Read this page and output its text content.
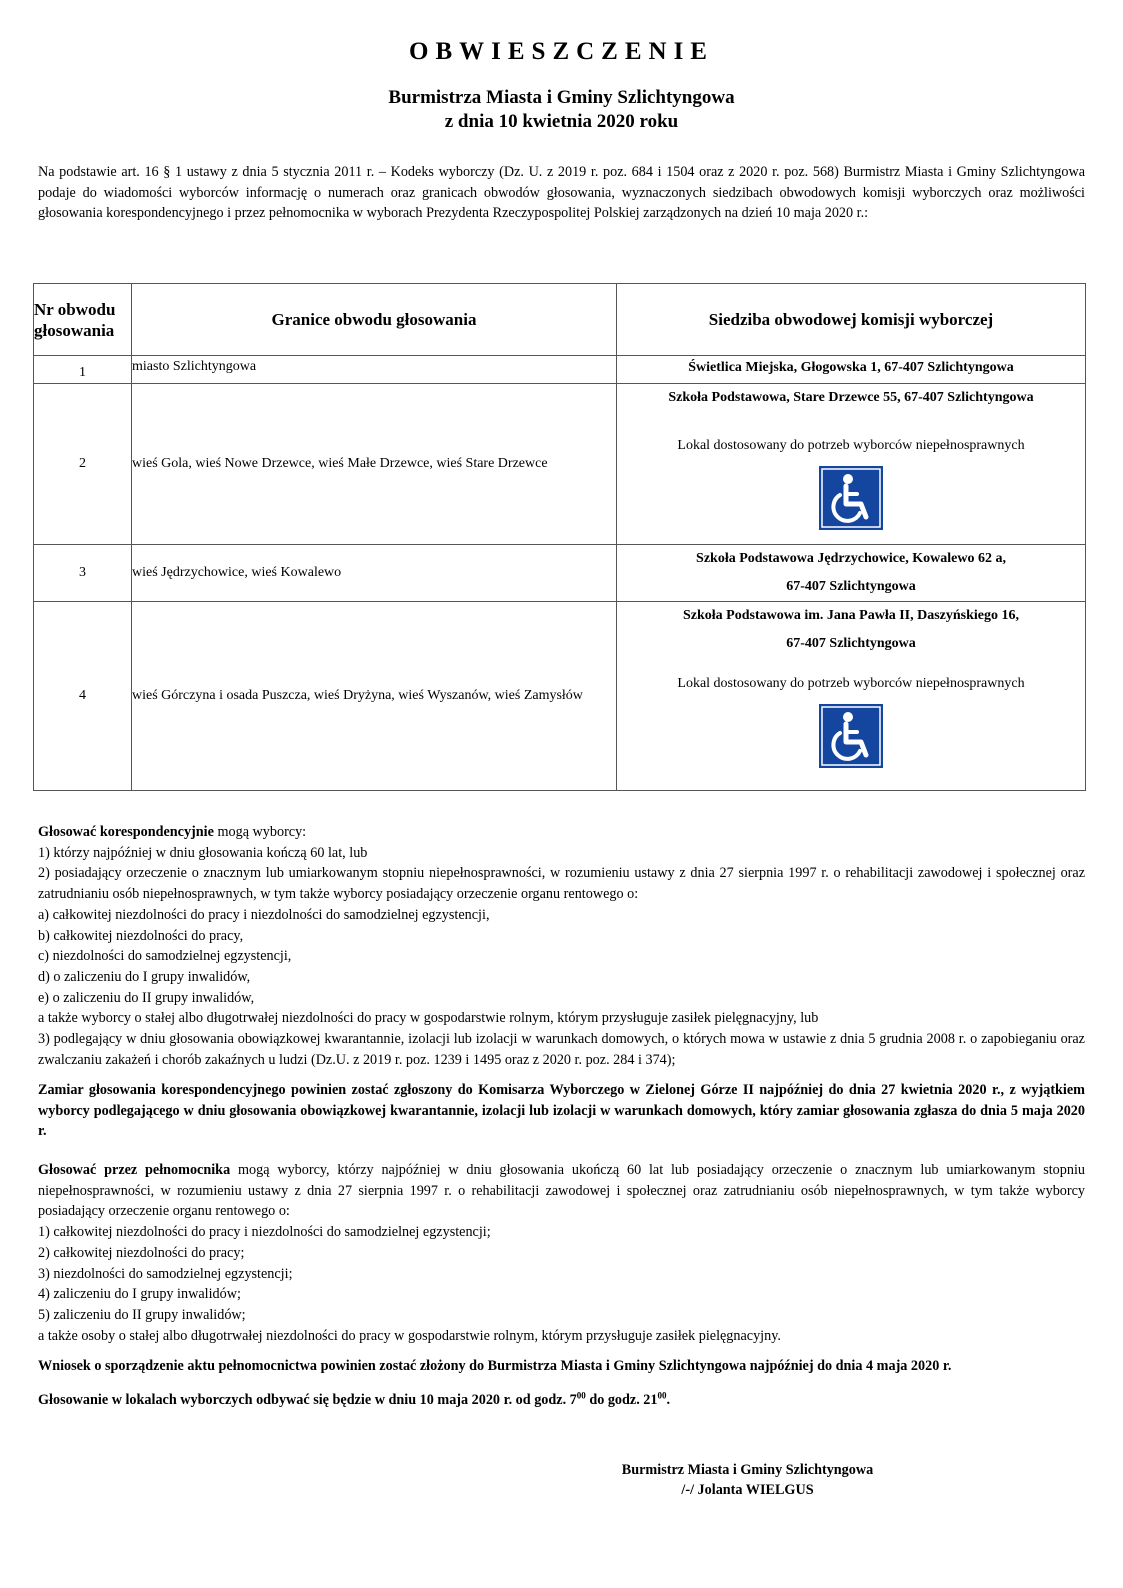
OBWIESZCZENIE
Burmistrza Miasta i Gminy Szlichtyngowa
z dnia 10 kwietnia 2020 roku
Na podstawie art. 16 § 1 ustawy z dnia 5 stycznia 2011 r. – Kodeks wyborczy (Dz. U. z 2019 r. poz. 684 i 1504 oraz z 2020 r. poz. 568) Burmistrz Miasta i Gminy Szlichtyngowa podaje do wiadomości wyborców informację o numerach oraz granicach obwodów głosowania, wyznaczonych siedzibach obwodowych komisji wyborczych oraz możliwości głosowania korespondencyjnego i przez pełnomocnika w wyborach Prezydenta Rzeczypospolitej Polskiej zarządzonych na dzień 10 maja 2020 r.:
Nr obwodu
głosowania	Granice obwodu głosowania	Siedziba obwodowej komisji wyborczej
1	miasto Szlichtyngowa	Świetlica Miejska, Głogowska 1, 67-407 Szlichtyngowa
2	wieś Gola, wieś Nowe Drzewce, wieś Małe Drzewce, wieś Stare Drzewce	Szkoła Podstawowa, Stare Drzewce 55, 67-407 Szlichtyngowa
Lokal dostosowany do potrzeb wyborców niepełnosprawnych

3	wieś Jędrzychowice, wieś Kowalewo	Szkoła Podstawowa Jędrzychowice, Kowalewo 62 a,
67-407 Szlichtyngowa

4	wieś Górczyna i osada Puszcza, wieś Dryżyna, wieś Wyszanów, wieś Zamysłów	Szkoła Podstawowa im. Jana Pawła II, Daszyńskiego 16,
67-407 Szlichtyngowa
Lokal dostosowany do potrzeb wyborców niepełnosprawnych

Głosować korespondencyjnie mogą wyborcy:

1) którzy najpóźniej w dniu głosowania kończą 60 lat, lub

2) posiadający orzeczenie o znacznym lub umiarkowanym stopniu niepełnosprawności, w rozumieniu ustawy z dnia 27 sierpnia 1997 r. o rehabilitacji zawodowej i społecznej oraz zatrudnianiu osób niepełnosprawnych, w tym także wyborcy posiadający orzeczenie organu rentowego o:

a) całkowitej niezdolności do pracy i niezdolności do samodzielnej egzystencji,

b) całkowitej niezdolności do pracy,

c) niezdolności do samodzielnej egzystencji,

d) o zaliczeniu do I grupy inwalidów,

e) o zaliczeniu do II grupy inwalidów,

a także wyborcy o stałej albo długotrwałej niezdolności do pracy w gospodarstwie rolnym, którym przysługuje zasiłek pielęgnacyjny, lub

3) podlegający w dniu głosowania obowiązkowej kwarantannie, izolacji lub izolacji w warunkach domowych, o których mowa w ustawie z dnia 5 grudnia 2008 r. o zapobieganiu oraz zwalczaniu zakażeń i chorób zakaźnych u ludzi (Dz.U. z 2019 r. poz. 1239 i 1495 oraz z 2020 r. poz. 284 i 374);

Zamiar głosowania korespondencyjnego powinien zostać zgłoszony do Komisarza Wyborczego w Zielonej Górze II najpóźniej do dnia 27 kwietnia 2020 r., z wyjątkiem wyborcy podlegającego w dniu głosowania obowiązkowej kwarantannie, izolacji lub izolacji w warunkach domowych, który zamiar głosowania zgłasza do dnia 5 maja 2020 r.

Głosować przez pełnomocnika mogą wyborcy, którzy najpóźniej w dniu głosowania ukończą 60 lat lub posiadający orzeczenie o znacznym lub umiarkowanym stopniu niepełnosprawności, w rozumieniu ustawy z dnia 27 sierpnia 1997 r. o rehabilitacji zawodowej i społecznej oraz zatrudnianiu osób niepełnosprawnych, w tym także wyborcy posiadający orzeczenie organu rentowego o:

1) całkowitej niezdolności do pracy i niezdolności do samodzielnej egzystencji;

2) całkowitej niezdolności do pracy;

3) niezdolności do samodzielnej egzystencji;

4) zaliczeniu do I grupy inwalidów;

5) zaliczeniu do II grupy inwalidów;

a także osoby o stałej albo długotrwałej niezdolności do pracy w gospodarstwie rolnym, którym przysługuje zasiłek pielęgnacyjny.

Wniosek o sporządzenie aktu pełnomocnictwa powinien zostać złożony do Burmistrza Miasta i Gminy Szlichtyngowa najpóźniej do dnia 4 maja 2020 r.
Głosowanie w lokalach wyborczych odbywać się będzie w dniu 10 maja 2020 r. od godz. $7^{00}$ do godz. $21^{00}$.
Burmistrz Miasta i Gminy Szlichtyngowa
/-/ Jolanta WIELGUS
